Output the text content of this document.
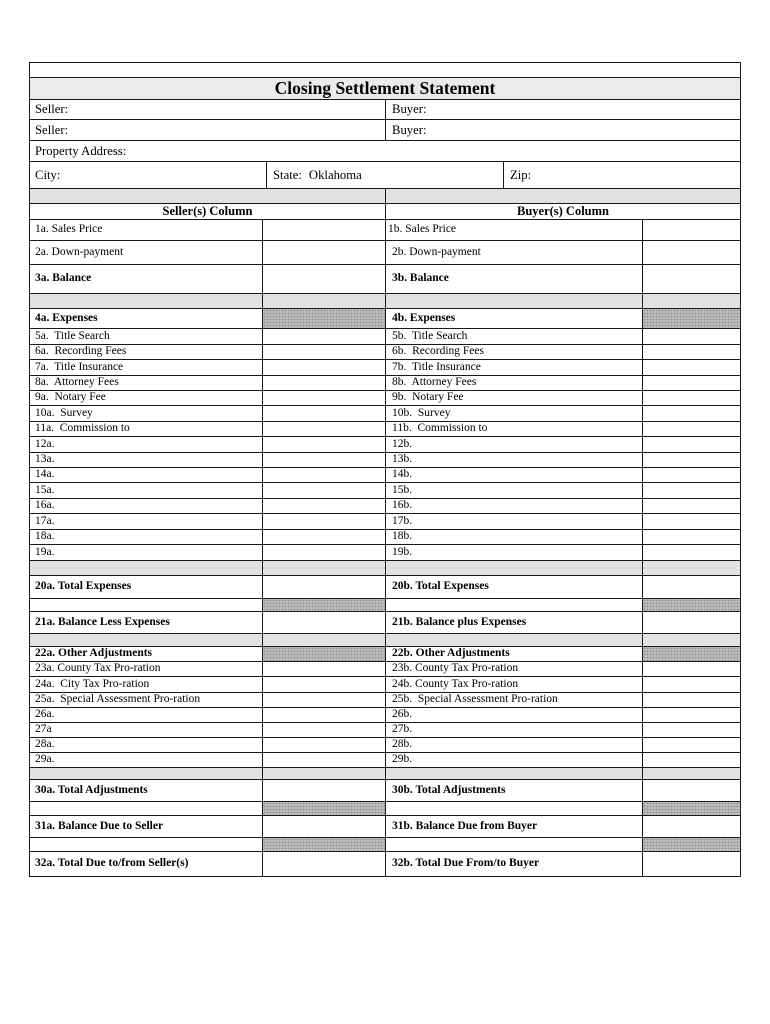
Closing Settlement Statement
Seller:	Buyer:
Seller:	Buyer:
Property Address:
City:	State: Oklahoma	Zip:
Seller(s) Column	Buyer(s) Column
1a. Sales Price	1b. Sales Price
2a. Down-payment	2b. Down-payment
3a. Balance	3b. Balance
4a. Expenses	4b. Expenses
5a.  Title Search	5b.  Title Search
6a.  Recording Fees	6b.  Recording Fees
7a.  Title Insurance	7b.  Title Insurance
8a.  Attorney Fees	8b.  Attorney Fees
9a.  Notary Fee	9b.  Notary Fee
10a.  Survey	10b.  Survey
11a.  Commission to	11b.  Commission to
12a.	12b.
13a.	13b.
14a.	14b.
15a.	15b.
16a.	16b.
17a.	17b.
18a.	18b.
19a.	19b.
20a. Total Expenses	20b. Total Expenses
21a. Balance Less Expenses	21b. Balance plus Expenses
22a. Other Adjustments	22b. Other Adjustments
23a. County Tax Pro-ration	23b. County Tax Pro-ration
24a.  City Tax Pro-ration	24b. County Tax Pro-ration
25a.  Special Assessment Pro-ration	25b.  Special Assessment Pro-ration
26a.	26b.
27a	27b.
28a.	28b.
29a.	29b.
30a. Total Adjustments	30b. Total Adjustments
31a. Balance Due to Seller	31b. Balance Due from Buyer
32a. Total Due to/from Seller(s)	32b. Total Due From/to Buyer
